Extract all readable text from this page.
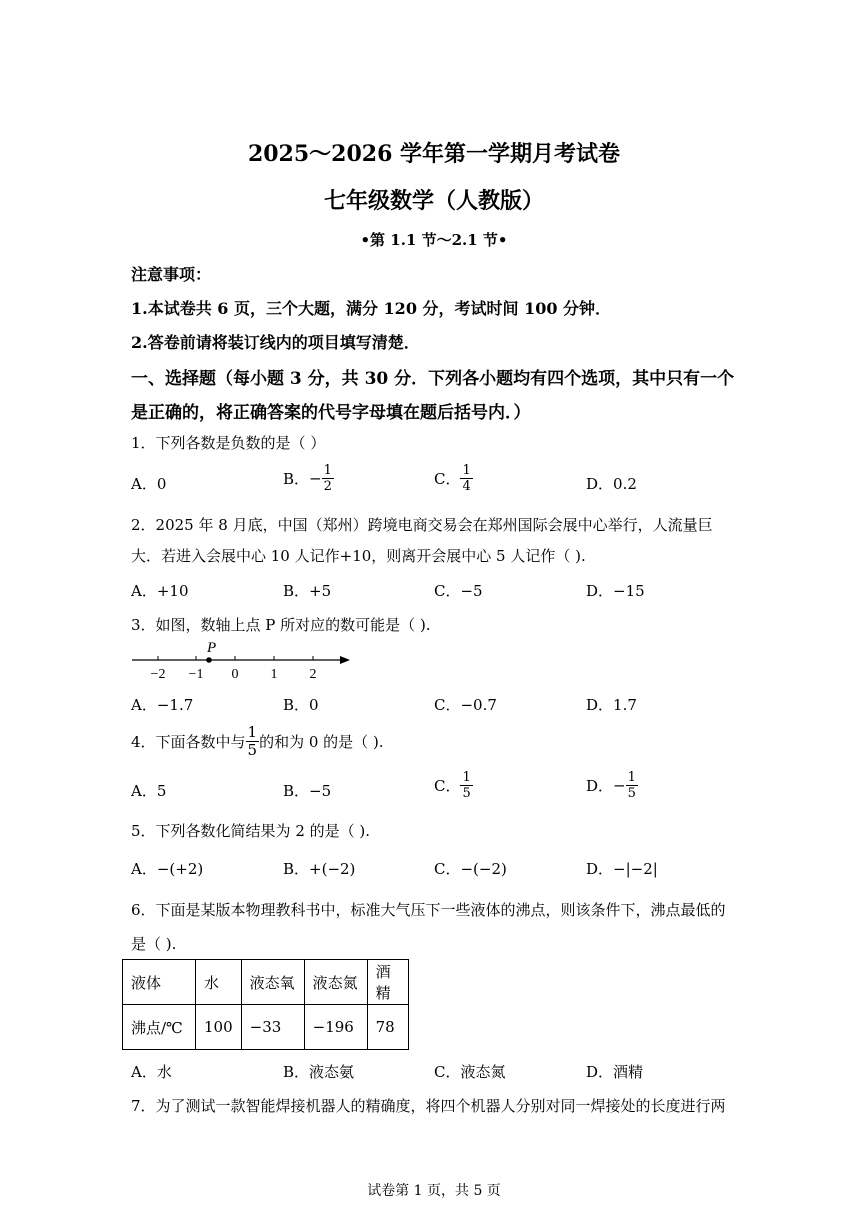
2025～2026 学年第一学期月考试卷
七年级数学（人教版）
•第 1.1 节～2.1 节•
注意事项：
1.本试卷共 6 页，三个大题，满分 120 分，考试时间 100 分钟．
2.答卷前请将装订线内的项目填写清楚．
一、选择题（每小题 3 分，共 30 分．下列各小题均有四个选项，其中只有一个
是正确的，将正确答案的代号字母填在题后括号内．）
1．下列各数是负数的是（ ）
A．0	B．− $\frac{1}{2}$	C． $\frac{1}{4}$	D．0.2
2．2025 年 8 月底，中国（郑州）跨境电商交易会在郑州国际会展中心举行，人流量巨
大．若进入会展中心 10 人记作+10，则离开会展中心 5 人记作（ ).
A．+10	B．+5	C．−5	D．−15
3．如图，数轴上点 P 所对应的数可能是（ ).
P
−2 −1 0 1 2
A．−1.7	B．0	C．−0.7	D．1.7
4．下面各数中与 $\frac{1}{5}$ 的和为 0 的是（ ).
A．5	B．−5	C． $\frac{1}{5}$	D．− $\frac{1}{5}$
5．下列各数化简结果为 2 的是（ ).
A．−(+2)	B．+(−2)	C．−(−2)	D．−|−2|
6．下面是某版本物理教科书中，标准大气压下一些液体的沸点，则该条件下，沸点最低的
是（ ).
液体	水	液态氧	液态氮	酒精
沸点/℃	100	−33	−196	78
A．水	B．液态氨	C．液态氮	D．酒精
7．为了测试一款智能焊接机器人的精确度，将四个机器人分别对同一焊接处的长度进行两
试卷第 1 页，共 5 页
